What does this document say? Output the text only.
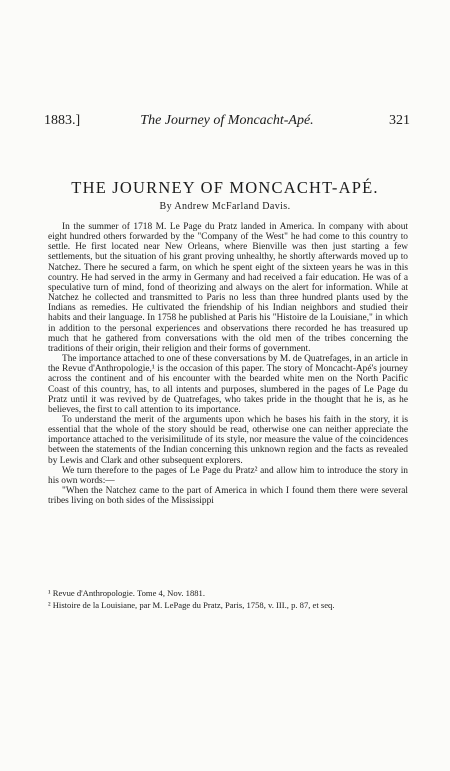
1883.]	The Journey of Moncacht-Apé.	321
THE JOURNEY OF MONCACHT-APÉ.
By Andrew McFarland Davis.

In the summer of 1718 M. Le Page du Pratz landed in America. In company with about eight hundred others forwarded by the "Company of the West" he had come to this country to settle. He first located near New Orleans, where Bienville was then just starting a few settlements, but the situation of his grant proving unhealthy, he shortly afterwards moved up to Natchez. There he secured a farm, on which he spent eight of the sixteen years he was in this country. He had served in the army in Germany and had received a fair education. He was of a speculative turn of mind, fond of theorizing and always on the alert for information. While at Natchez he collected and transmitted to Paris no less than three hundred plants used by the Indians as remedies. He cultivated the friendship of his Indian neighbors and studied their habits and their language. In 1758 he published at Paris his "Histoire de la Louisiane," in which in addition to the personal experiences and observations there recorded he has treasured up much that he gathered from conversations with the old men of the tribes concerning the traditions of their origin, their religion and their forms of government.

The importance attached to one of these conversations by M. de Quatrefages, in an article in the Revue d'Anthropologie,¹ is the occasion of this paper. The story of Moncacht-Apé's journey across the continent and of his encounter with the bearded white men on the North Pacific Coast of this country, has, to all intents and purposes, slumbered in the pages of Le Page du Pratz until it was revived by de Quatrefages, who takes pride in the thought that he is, as he believes, the first to call attention to its importance.

To understand the merit of the arguments upon which he bases his faith in the story, it is essential that the whole of the story should be read, otherwise one can neither appreciate the importance attached to the verisimilitude of its style, nor measure the value of the coincidences between the statements of the Indian concerning this unknown region and the facts as revealed by Lewis and Clark and other subsequent explorers.

We turn therefore to the pages of Le Page du Pratz² and allow him to introduce the story in his own words:—

"When the Natchez came to the part of America in which I found them there were several tribes living on both sides of the Mississippi

¹ Revue d'Anthropologie. Tome 4, Nov. 1881.
² Histoire de la Louisiane, par M. LePage du Pratz, Paris, 1758, v. III., p. 87, et seq.
